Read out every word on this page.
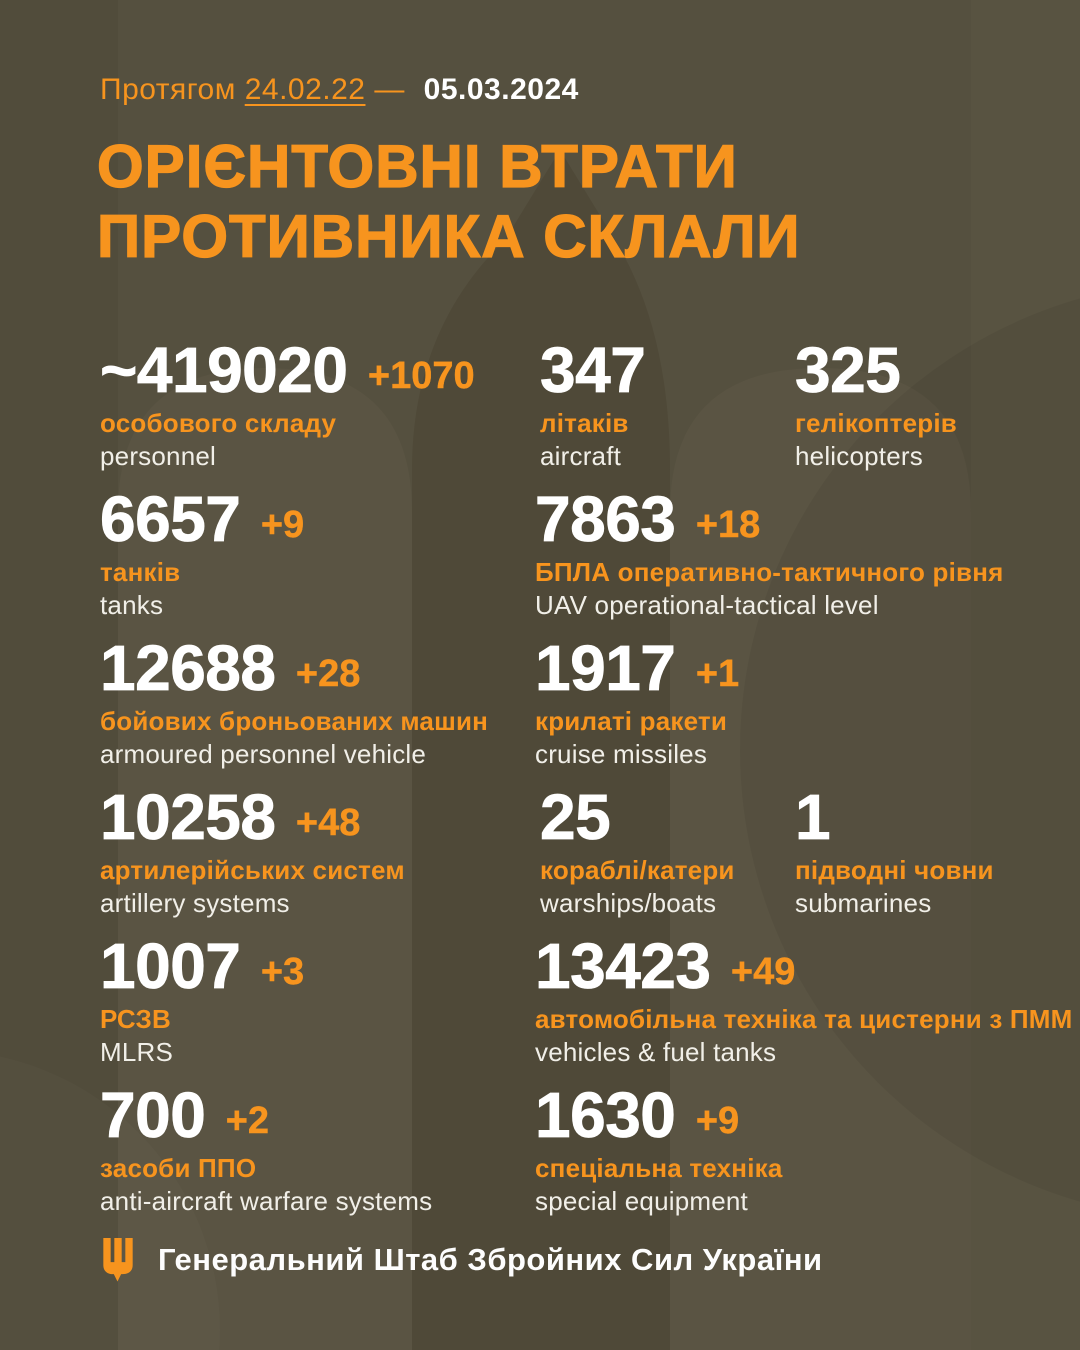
Протягом 24.02.22 — 05.03.2024
ОРІЄНТОВНІ ВТРАТИ
ПРОТИВНИКА СКЛАЛИ
~419020 +1070
особового складу
personnel
347
літаків
aircraft
325
гелікоптерів
helicopters
6657 +9
танків
tanks
7863 +18
БПЛА оперативно-тактичного рівня
UAV operational-tactical level
12688 +28
бойових броньованих машин
armoured personnel vehicle
1917 +1
крилаті ракети
cruise missiles
10258 +48
артилерійських систем
artillery systems
25
кораблі/катери
warships/boats
1
підводні човни
submarines
1007 +3
РСЗВ
MLRS
13423 +49
автомобільна техніка та цистерни з ПММ
vehicles & fuel tanks
700 +2
засоби ППО
anti-aircraft warfare systems
1630 +9
спеціальна техніка
special equipment
Генеральний Штаб Збройних Сил України
